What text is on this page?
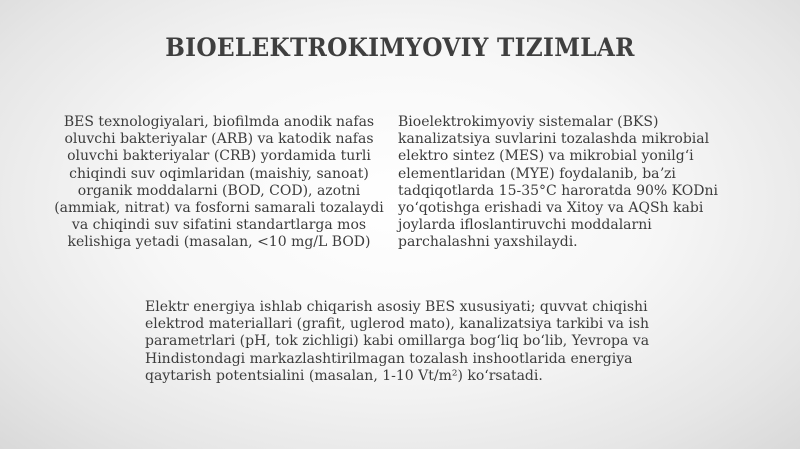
BIOELEKTROKIMYOVIY TIZIMLAR
BES texnologiyalari, biofilmda anodik nafas oluvchi bakteriyalar (ARB) va katodik nafas oluvchi bakteriyalar (CRB) yordamida turli chiqindi suv oqimlaridan (maishiy, sanoat) organik moddalarni (BOD, COD), azotni (ammiak, nitrat) va fosforni samarali tozalaydi va chiqindi suv sifatini standartlarga mos kelishiga yetadi (masalan, <10 mg/L BOD)
Bioelektrokimyoviy sistemalar (BKS) kanalizatsiya suvlarini tozalashda mikrobial elektro sintez (MES) va mikrobial yonilgʻi elementlaridan (MYE) foydalanib, baʼzi tadqiqotlarda 15-35°C haroratda 90% KODni yoʻqotishga erishadi va Xitoy va AQSh kabi joylarda ifloslantiruvchi moddalarni parchalashni yaxshilaydi.
Elektr energiya ishlab chiqarish asosiy BES xususiyati; quvvat chiqishi elektrod materiallari (grafit, uglerod mato), kanalizatsiya tarkibi va ish parametrlari (pH, tok zichligi) kabi omillarga bogʻliq boʻlib, Yevropa va Hindistondagi markazlashtirilmagan tozalash inshootlarida energiya qaytarish potentsialini (masalan, 1-10 Vt/m²) koʻrsatadi.
